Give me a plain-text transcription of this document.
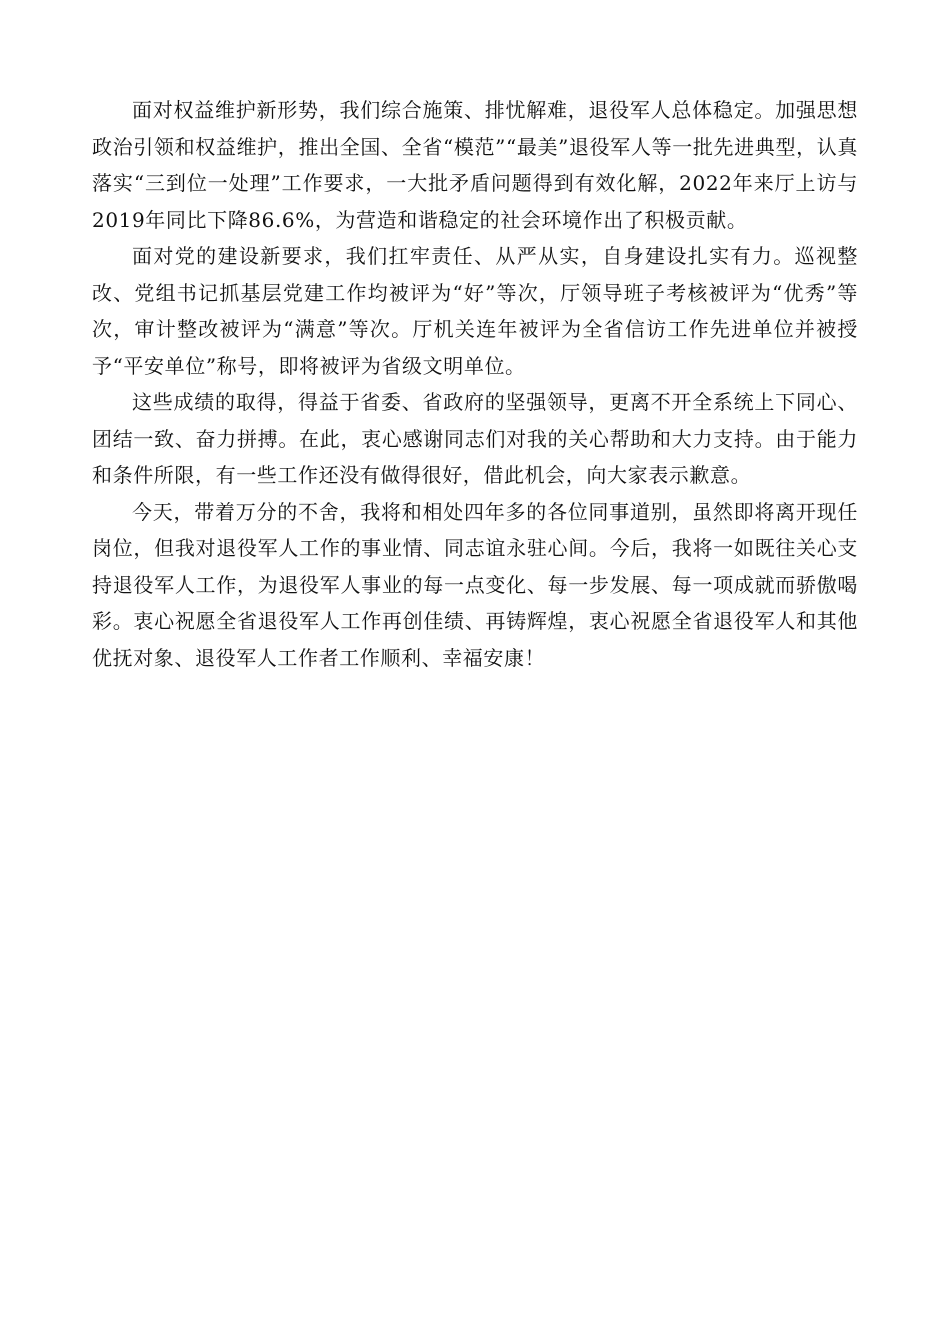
面对权益维护新形势，我们综合施策、排忧解难，退役军人总体稳定。加强思想政治引领和权益维护，推出全国、全省“模范”“最美”退役军人等一批先进典型，认真落实“三到位一处理”工作要求，一大批矛盾问题得到有效化解，2022年来厅上访与2019年同比下降86.6%，为营造和谐稳定的社会环境作出了积极贡献。

面对党的建设新要求，我们扛牢责任、从严从实，自身建设扎实有力。巡视整改、党组书记抓基层党建工作均被评为“好”等次，厅领导班子考核被评为“优秀”等次，审计整改被评为“满意”等次。厅机关连年被评为全省信访工作先进单位并被授予“平安单位”称号，即将被评为省级文明单位。

这些成绩的取得，得益于省委、省政府的坚强领导，更离不开全系统上下同心、团结一致、奋力拼搏。在此，衷心感谢同志们对我的关心帮助和大力支持。由于能力和条件所限，有一些工作还没有做得很好，借此机会，向大家表示歉意。

今天，带着万分的不舍，我将和相处四年多的各位同事道别，虽然即将离开现任岗位，但我对退役军人工作的事业情、同志谊永驻心间。今后，我将一如既往关心支持退役军人工作，为退役军人事业的每一点变化、每一步发展、每一项成就而骄傲喝彩。衷心祝愿全省退役军人工作再创佳绩、再铸辉煌，衷心祝愿全省退役军人和其他优抚对象、退役军人工作者工作顺利、幸福安康！
